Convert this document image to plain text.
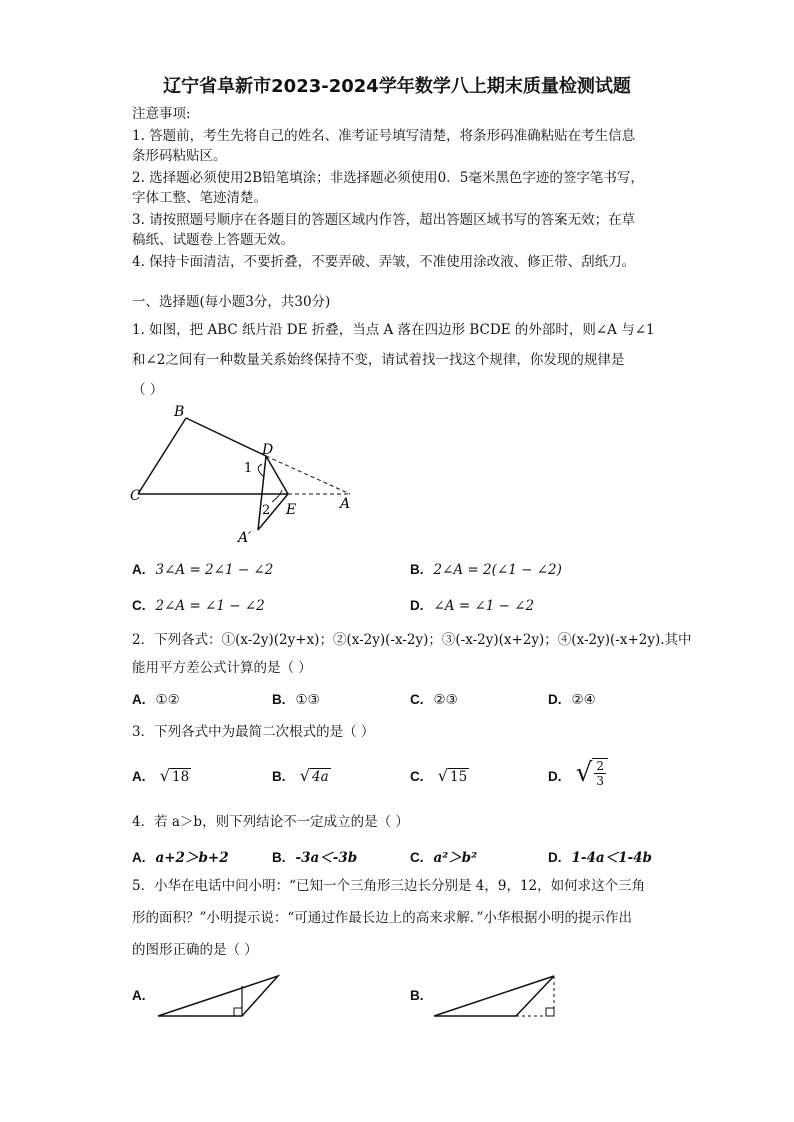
辽宁省阜新市2023-2024学年数学八上期末质量检测试题
注意事项:
1. 答题前，考生先将自己的姓名、准考证号填写清楚，将条形码准确粘贴在考生信息
条形码粘贴区。
2. 选择题必须使用2B铅笔填涂；非选择题必须使用0．5毫米黑色字迹的签字笔书写，
字体工整、笔迹清楚。
3. 请按照题号顺序在各题目的答题区域内作答，超出答题区域书写的答案无效；在草
稿纸、试题卷上答题无效。
4. 保持卡面清洁，不要折叠，不要弄破、弄皱，不准使用涂改液、修正带、刮纸刀。
一、选择题(每小题3分，共30分)
1. 如图，把 ABC 纸片沿 DE 折叠，当点 A 落在四边形 BCDE 的外部时，则∠A 与∠1
和∠2之间有一种数量关系始终保持不变，请试着找一找这个规律，你发现的规律是
（ ）
B
D
C
E	A
A′
1
2
A. 3∠A = 2∠1 − ∠2	B. 2∠A = 2(∠1 − ∠2)
C. 2∠A = ∠1 − ∠2	D. ∠A = ∠1 − ∠2
2．下列各式：①(x-2y)(2y+x)；②(x-2y)(-x-2y)；③(-x-2y)(x+2y)；④(x-2y)(-x+2y).其中
能用平方差公式计算的是（ ）
A. ①②	B. ①③	C. ②③	D. ②④
3．下列各式中为最简二次根式的是（ ）
A. √ 18	B. √ 4a	C. √ 15	D. √ $\frac{2}{3}$
4．若 a＞b，则下列结论不一定成立的是（ ）
A. a+2＞b+2	B. -3a＜-3b	C. a²＞b²	D. 1-4a＜1-4b
5．小华在电话中问小明：“已知一个三角形三边长分别是 4，9，12，如何求这个三角
形的面积？”小明提示说：“可通过作最长边上的高来求解．”小华根据小明的提示作出
的图形正确的是（ ）
A.	B.
